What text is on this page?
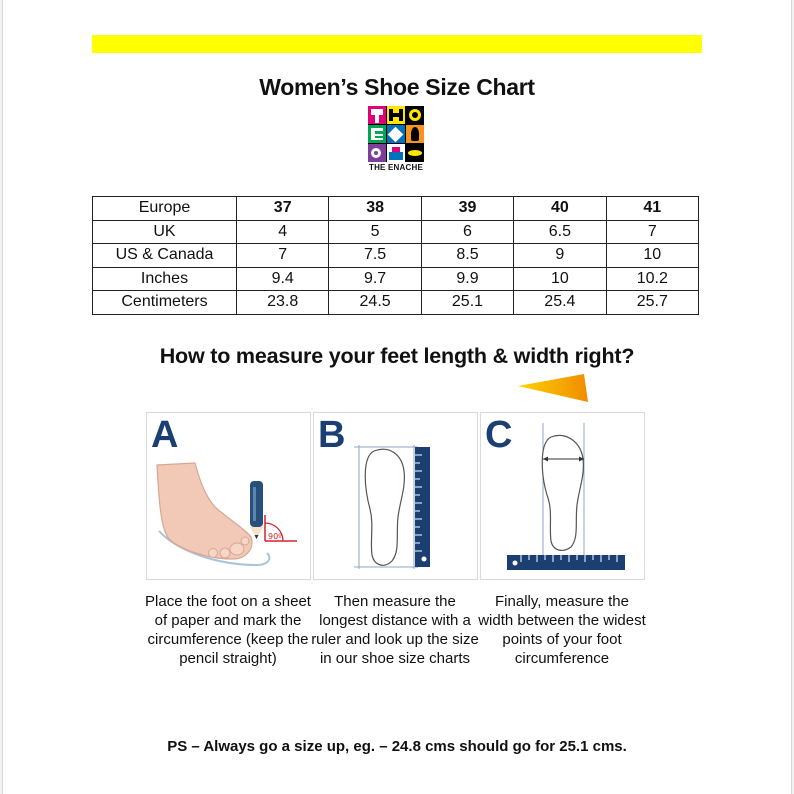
Women’s Shoe Size Chart
THE ENACHE
Europe	37	38	39	40	41
UK	4	5	6	6.5	7
US & Canada	7	7.5	8.5	9	10
Inches	9.4	9.7	9.9	10	10.2
Centimeters	23.8	24.5	25.1	25.4	25.7
How to measure your feet length & width right?
A
90º
B	C
Place the foot on a sheet of paper and mark the circumference (keep the pencil straight)
Then measure the longest distance with a ruler and look up the size in our shoe size charts
Finally, measure the width between the widest points of your foot circumference
PS – Always go a size up, eg. – 24.8 cms should go for 25.1 cms.
